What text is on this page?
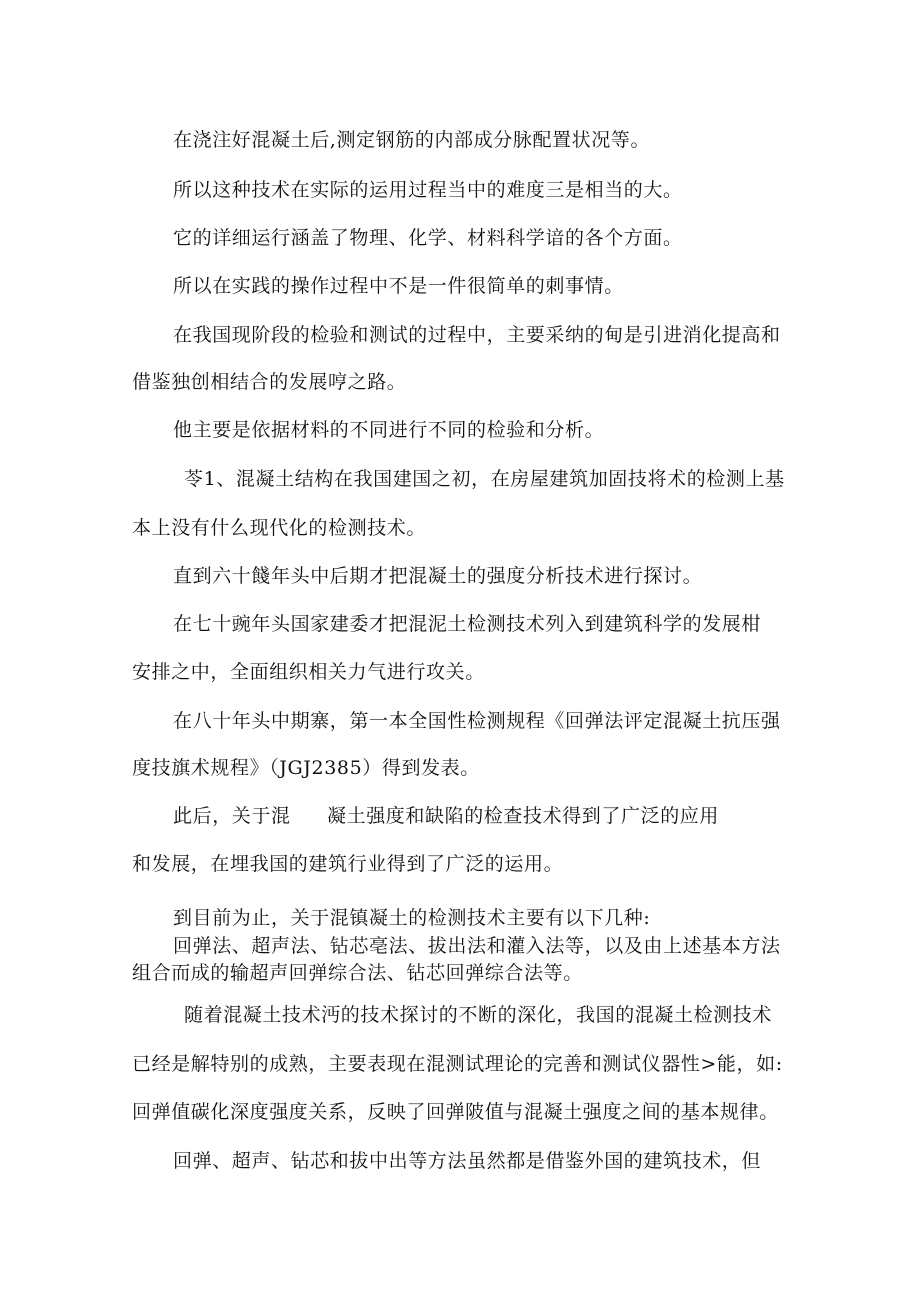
在浇注好混凝土后,测定钢筋的内部成分脉配置状况等。
所以这种技术在实际的运用过程当中的难度三是相当的大。
它的详细运行涵盖了物理、化学、材料科学谙的各个方面。
所以在实践的操作过程中不是一件很简单的刺事情。
在我国现阶段的检验和测试的过程中，主要采纳的甸是引进消化提高和
借鉴独创相结合的发展哼之路。
他主要是依据材料的不同进行不同的检验和分析。
苓1、混凝土结构在我国建国之初，在房屋建筑加固技将术的检测上基
本上没有什么现代化的检测技术。
直到六十餞年头中后期才把混凝土的强度分析技术进行探讨。
在七十豌年头国家建委才把混泥土检测技术列入到建筑科学的发展柑
安排之中，全面组织相关力气进行攻关。
在八十年头中期寨，第一本全国性检测规程《回弹法评定混凝土抗压强
度技旗术规程》（JGJ2385）得到发表。
此后，关于混 凝土强度和缺陷的检查技术得到了广泛的应用
和发展，在埋我国的建筑行业得到了广泛的运用。
到目前为止，关于混镇凝土的检测技术主要有以下几种:
回弹法、超声法、钻芯亳法、拔出法和灌入法等，以及由上述基本方法
组合而成的输超声回弹综合法、钻芯回弹综合法等。
随着混凝土技术沔的技术探讨的不断的深化，我国的混凝土检测技术
已经是解特别的成熟，主要表现在混测试理论的完善和测试仪器性>能，如:
回弹值碳化深度强度关系，反映了回弹陂值与混凝土强度之间的基本规律。
回弹、超声、钻芯和拔中出等方法虽然都是借鉴外国的建筑技术，但
